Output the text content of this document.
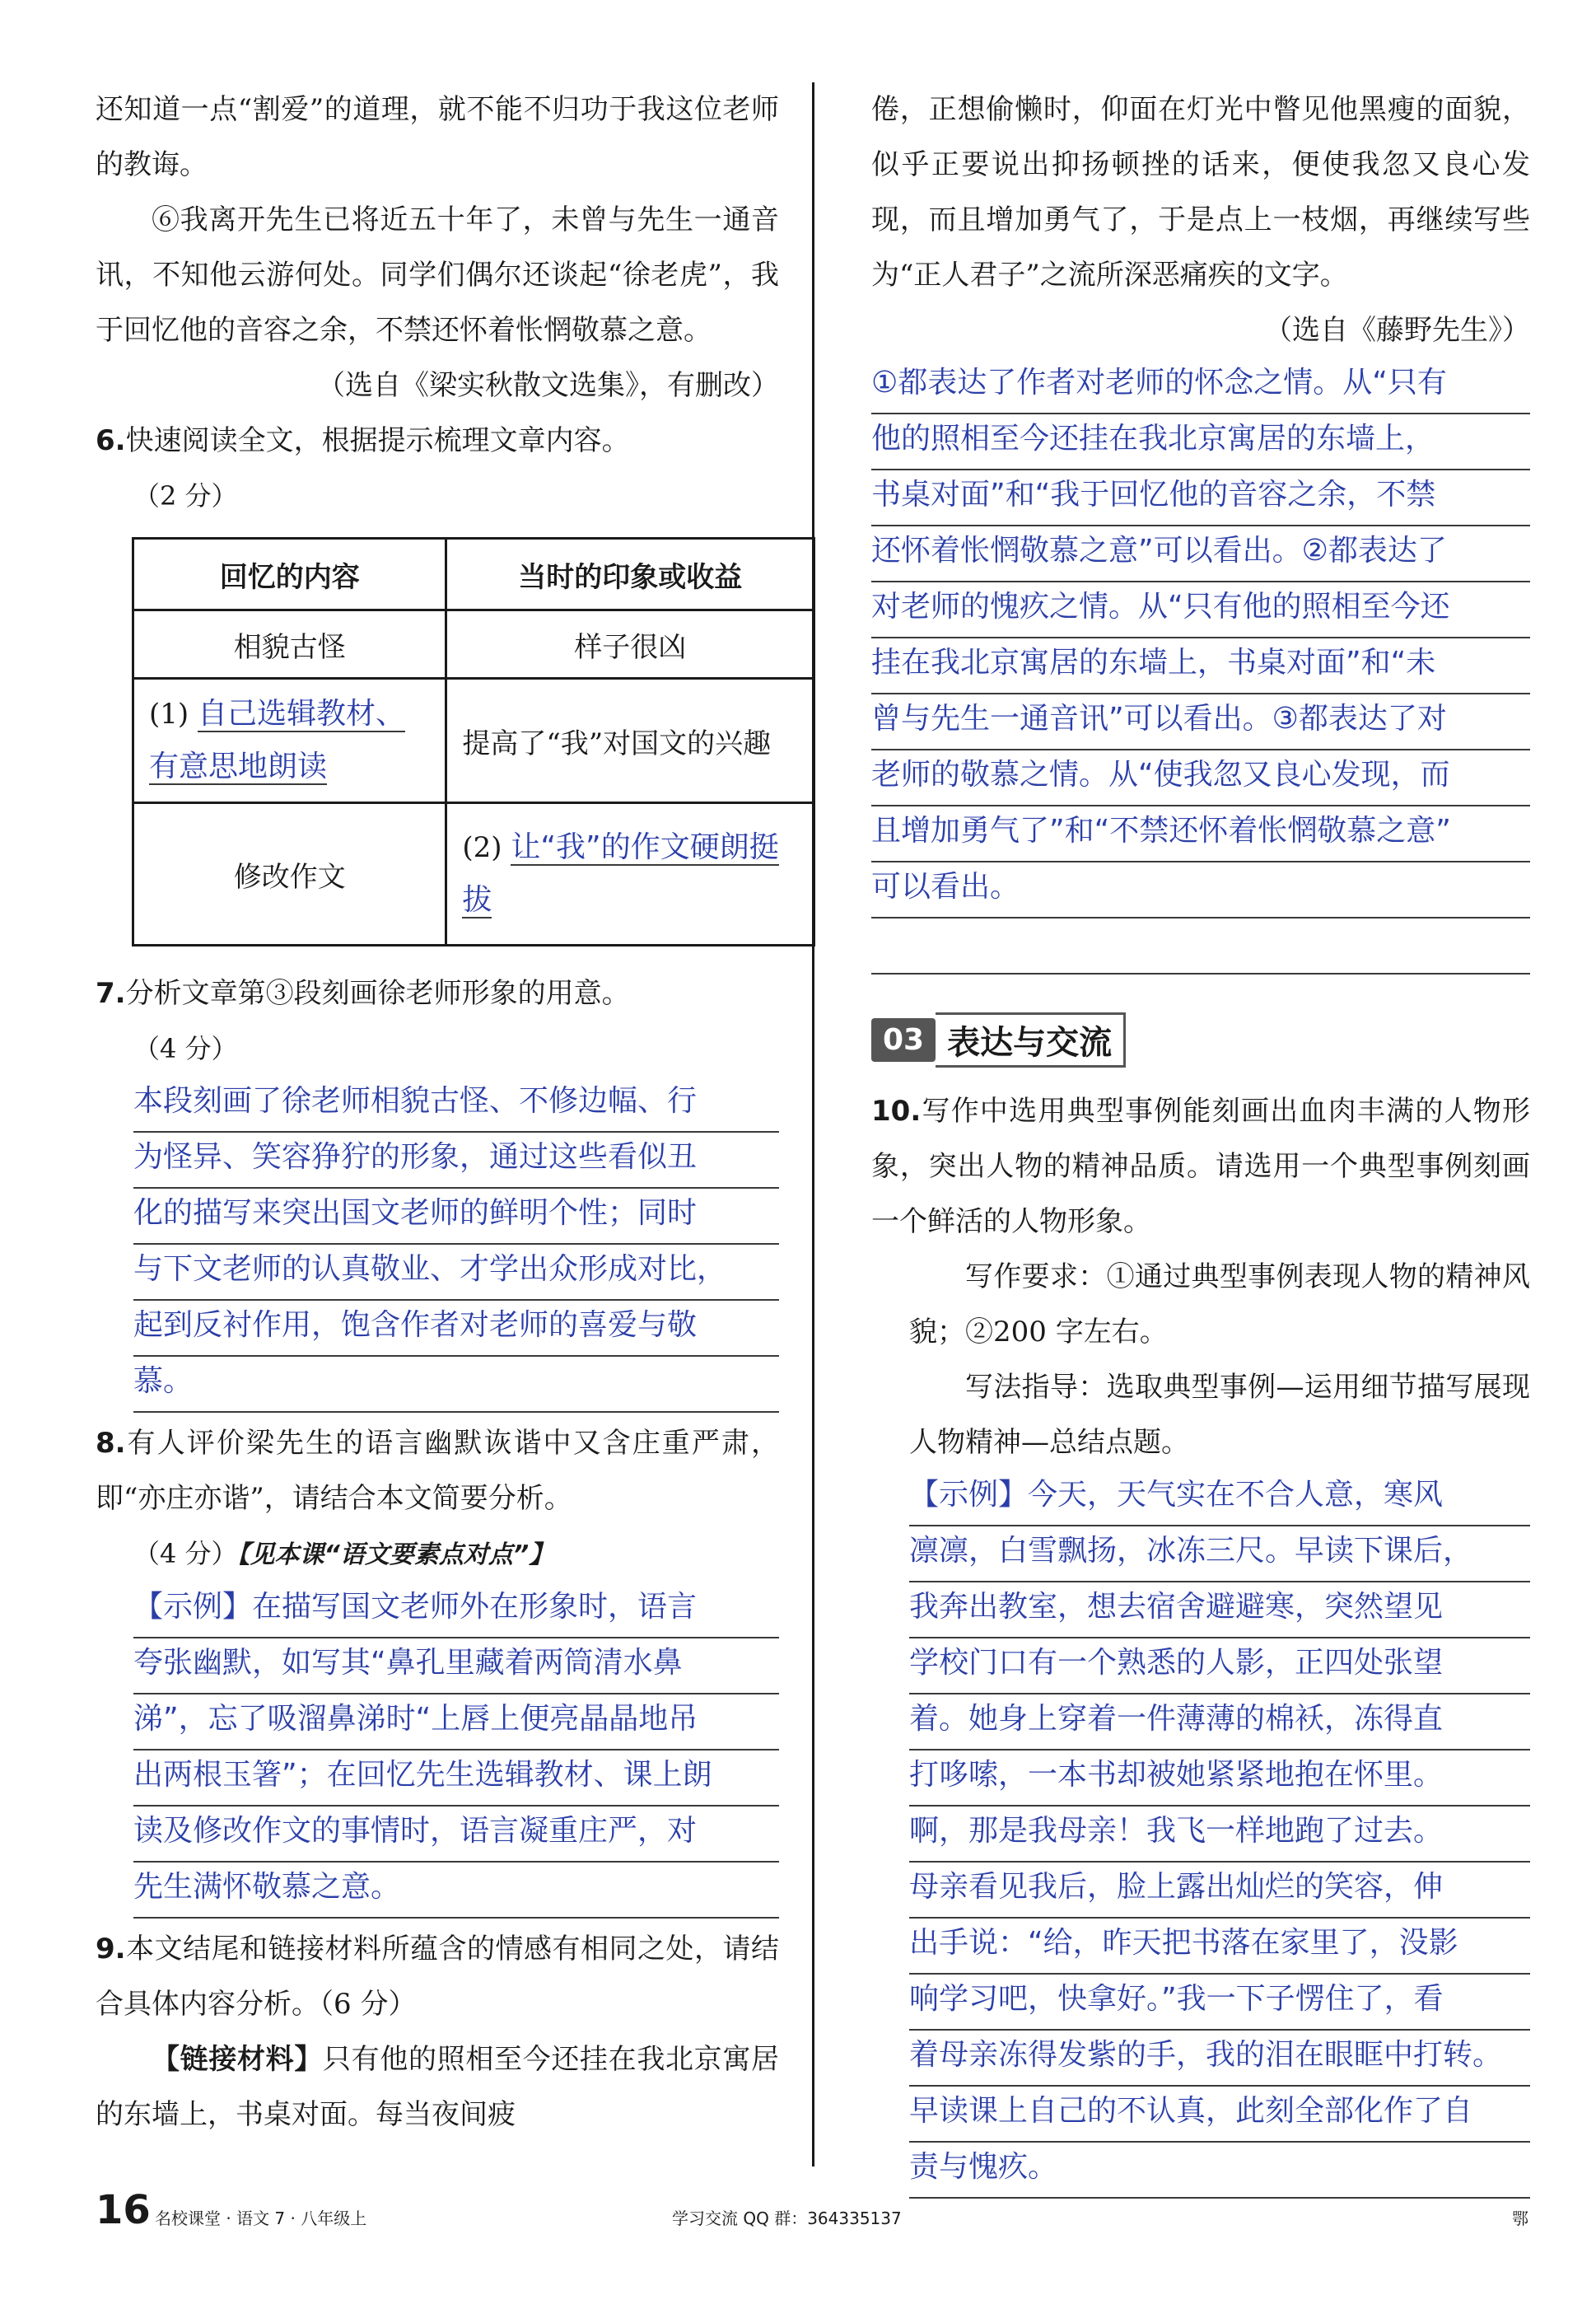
还知道一点“割爱”的道理，就不能不归功于我这位老师的教诲。

⑥我离开先生已将近五十年了，未曾与先生一通音讯，不知他云游何处。同学们偶尔还谈起“徐老虎”，我于回忆他的音容之余，不禁还怀着怅惘敬慕之意。

（选自《梁实秋散文选集》，有删改）

6.快速阅读全文，根据提示梳理文章内容。

（2 分）

回忆的内容	当时的印象或收益
相貌古怪	样子很凶
(1) 自己选辑教材、有意思地朗读	提高了“我”对国文的兴趣
修改作文	(2) 让“我”的作文硬朗挺拔

7.分析文章第③段刻画徐老师形象的用意。

（4 分）

本段刻画了徐老师相貌古怪、不修边幅、行
为怪异、笑容狰狞的形象，通过这些看似丑
化的描写来突出国文老师的鲜明个性；同时
与下文老师的认真敬业、才学出众形成对比，
起到反衬作用，饱含作者对老师的喜爱与敬
慕。

8.有人评价梁先生的语言幽默诙谐中又含庄重严肃，即“亦庄亦谐”，请结合本文简要分析。

（4 分）【见本课“语文要素点对点”】

【示例】在描写国文老师外在形象时，语言
夸张幽默，如写其“鼻孔里藏着两筒清水鼻
涕”，忘了吸溜鼻涕时“上唇上便亮晶晶地吊
出两根玉箸”；在回忆先生选辑教材、课上朗
读及修改作文的事情时，语言凝重庄严，对
先生满怀敬慕之意。

9.本文结尾和链接材料所蕴含的情感有相同之处，请结合具体内容分析。（6 分）

【链接材料】只有他的照相至今还挂在我北京寓居的东墙上，书桌对面。每当夜间疲

倦，正想偷懒时，仰面在灯光中瞥见他黑瘦的面貌，似乎正要说出抑扬顿挫的话来，便使我忽又良心发现，而且增加勇气了，于是点上一枝烟，再继续写些为“正人君子”之流所深恶痛疾的文字。

（选自《藤野先生》）

①都表达了作者对老师的怀念之情。从“只有
他的照相至今还挂在我北京寓居的东墙上，
书桌对面”和“我于回忆他的音容之余，不禁
还怀着怅惘敬慕之意”可以看出。②都表达了
对老师的愧疚之情。从“只有他的照相至今还
挂在我北京寓居的东墙上，书桌对面”和“未
曾与先生一通音讯”可以看出。③都表达了对
老师的敬慕之情。从“使我忽又良心发现，而
且增加勇气了”和“不禁还怀着怅惘敬慕之意”
可以看出。
03 表达与交流

10.写作中选用典型事例能刻画出血肉丰满的人物形象，突出人物的精神品质。请选用一个典型事例刻画一个鲜活的人物形象。

写作要求：①通过典型事例表现人物的精神风貌；②200 字左右。

写法指导：选取典型事例—运用细节描写展现人物精神—总结点题。

【示例】今天，天气实在不合人意，寒风
凛凛，白雪飘扬，冰冻三尺。早读下课后，
我奔出教室，想去宿舍避避寒，突然望见
学校门口有一个熟悉的人影，正四处张望
着。她身上穿着一件薄薄的棉袄，冻得直
打哆嗦，一本书却被她紧紧地抱在怀里。
啊，那是我母亲！我飞一样地跑了过去。
母亲看见我后，脸上露出灿烂的笑容，伸
出手说：“给，昨天把书落在家里了，没影
响学习吧，快拿好。”我一下子愣住了，看
着母亲冻得发紫的手，我的泪在眼眶中打转。
早读课上自己的不认真，此刻全部化作了自
责与愧疚。
16 名校课堂 · 语文 7 · 八年级上	学习交流 QQ 群：364335137	鄂
